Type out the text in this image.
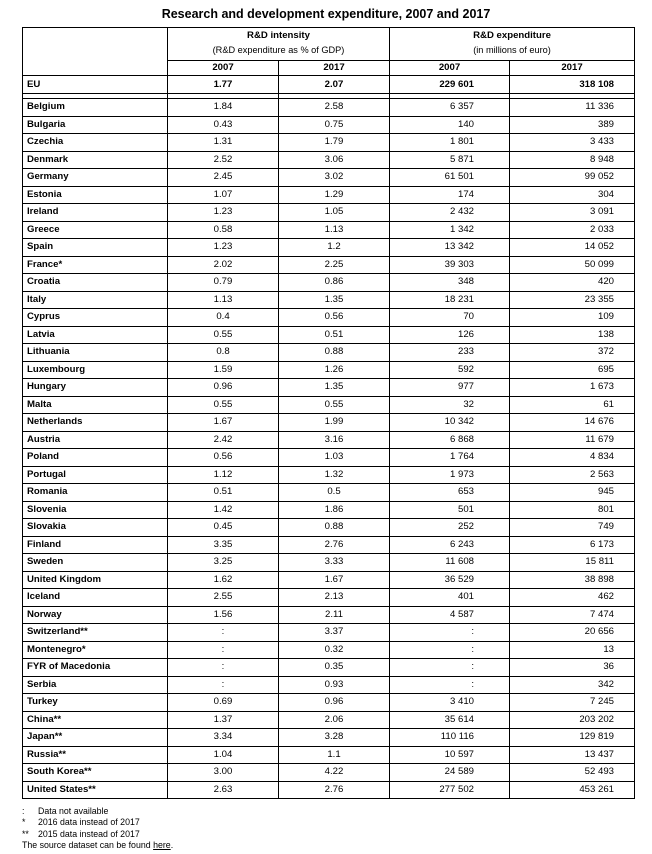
Research and development expenditure, 2007 and 2017
	R&D intensity
(R&D expenditure as % of GDP)		R&D expenditure
(in millions of euro)	

	2007	2017	2007	2017
EU	1.77	2.07	229 601	318 108

Belgium	1.84	2.58	6 357	11 336
Bulgaria	0.43	0.75	140	389
Czechia	1.31	1.79	1 801	3 433
Denmark	2.52	3.06	5 871	8 948
Germany	2.45	3.02	61 501	99 052
Estonia	1.07	1.29	174	304
Ireland	1.23	1.05	2 432	3 091
Greece	0.58	1.13	1 342	2 033
Spain	1.23	1.2	13 342	14 052
France*	2.02	2.25	39 303	50 099
Croatia	0.79	0.86	348	420
Italy	1.13	1.35	18 231	23 355
Cyprus	0.4	0.56	70	109
Latvia	0.55	0.51	126	138
Lithuania	0.8	0.88	233	372
Luxembourg	1.59	1.26	592	695
Hungary	0.96	1.35	977	1 673
Malta	0.55	0.55	32	61
Netherlands	1.67	1.99	10 342	14 676
Austria	2.42	3.16	6 868	11 679
Poland	0.56	1.03	1 764	4 834
Portugal	1.12	1.32	1 973	2 563
Romania	0.51	0.5	653	945
Slovenia	1.42	1.86	501	801
Slovakia	0.45	0.88	252	749
Finland	3.35	2.76	6 243	6 173
Sweden	3.25	3.33	11 608	15 811
United Kingdom	1.62	1.67	36 529	38 898
Iceland	2.55	2.13	401	462
Norway	1.56	2.11	4 587	7 474
Switzerland**	:	3.37	:	20 656
Montenegro*	:	0.32	:	13
FYR of Macedonia	:	0.35	:	36
Serbia	:	0.93	:	342
Turkey	0.69	0.96	3 410	7 245
China**	1.37	2.06	35 614	203 202
Japan**	3.34	3.28	110 116	129 819
Russia**	1.04	1.1	10 597	13 437
South Korea**	3.00	4.22	24 589	52 493
United States**	2.63	2.76	277 502	453 261
: Data not available
* 2016 data instead of 2017
** 2015 data instead of 2017
The source dataset can be found here.
